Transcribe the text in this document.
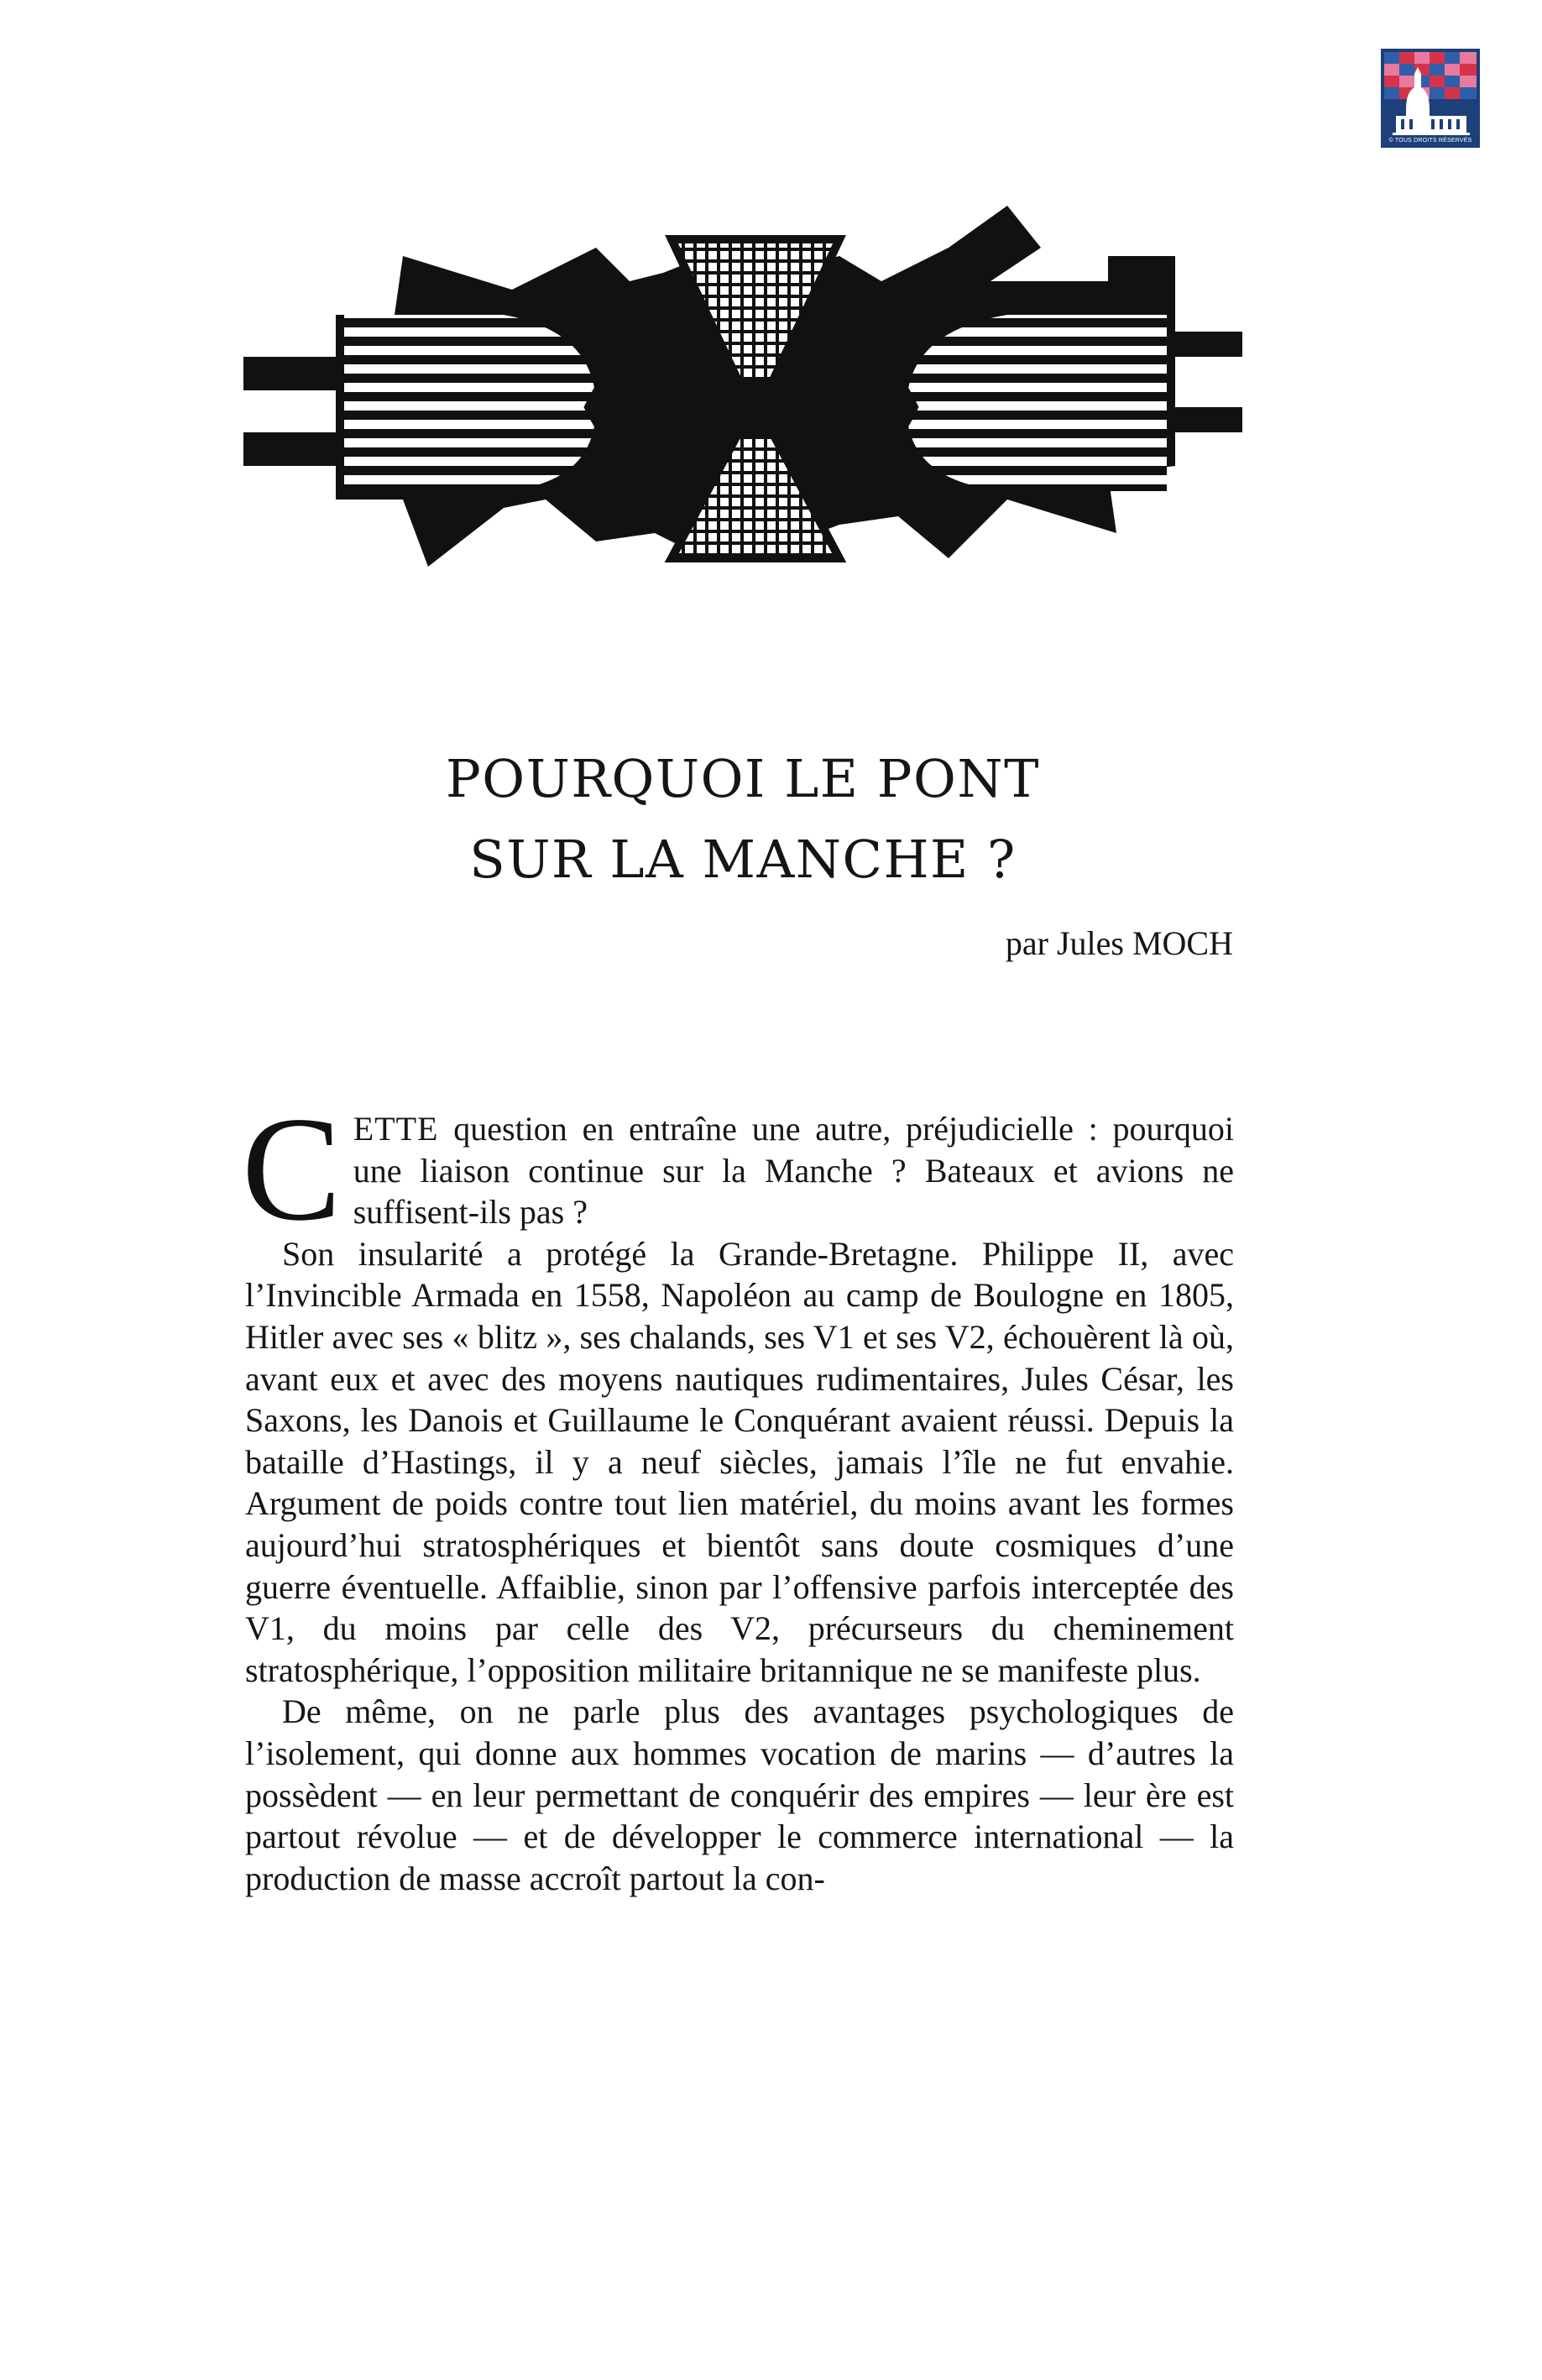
© TOUS DROITS RÉSERVÉS
POURQUOI LE PONT
SUR LA MANCHE ?
par Jules MOCH

CETTE question en entraîne une autre, préjudicielle : pourquoi une liaison continue sur la Manche ? Bateaux et avions ne suffisent-ils pas ?

Son insularité a protégé la Grande-Bretagne. Philippe II, avec l’Invincible Armada en 1558, Napoléon au camp de Boulogne en 1805, Hitler avec ses « blitz », ses chalands, ses V1 et ses V2, échouèrent là où, avant eux et avec des moyens nautiques rudimentaires, Jules César, les Saxons, les Danois et Guillaume le Conquérant avaient réussi. Depuis la bataille d’Hastings, il y a neuf siècles, jamais l’île ne fut envahie. Argument de poids contre tout lien matériel, du moins avant les formes aujourd’hui stratosphériques et bientôt sans doute cosmiques d’une guerre éventuelle. Affaiblie, sinon par l’offensive parfois interceptée des V1, du moins par celle des V2, précurseurs du cheminement stratosphérique, l’opposition militaire britannique ne se manifeste plus.

De même, on ne parle plus des avantages psychologiques de l’isolement, qui donne aux hommes vocation de marins — d’autres la possèdent — en leur permettant de conquérir des empires — leur ère est partout révolue — et de développer le commerce international — la production de masse accroît partout la con-
